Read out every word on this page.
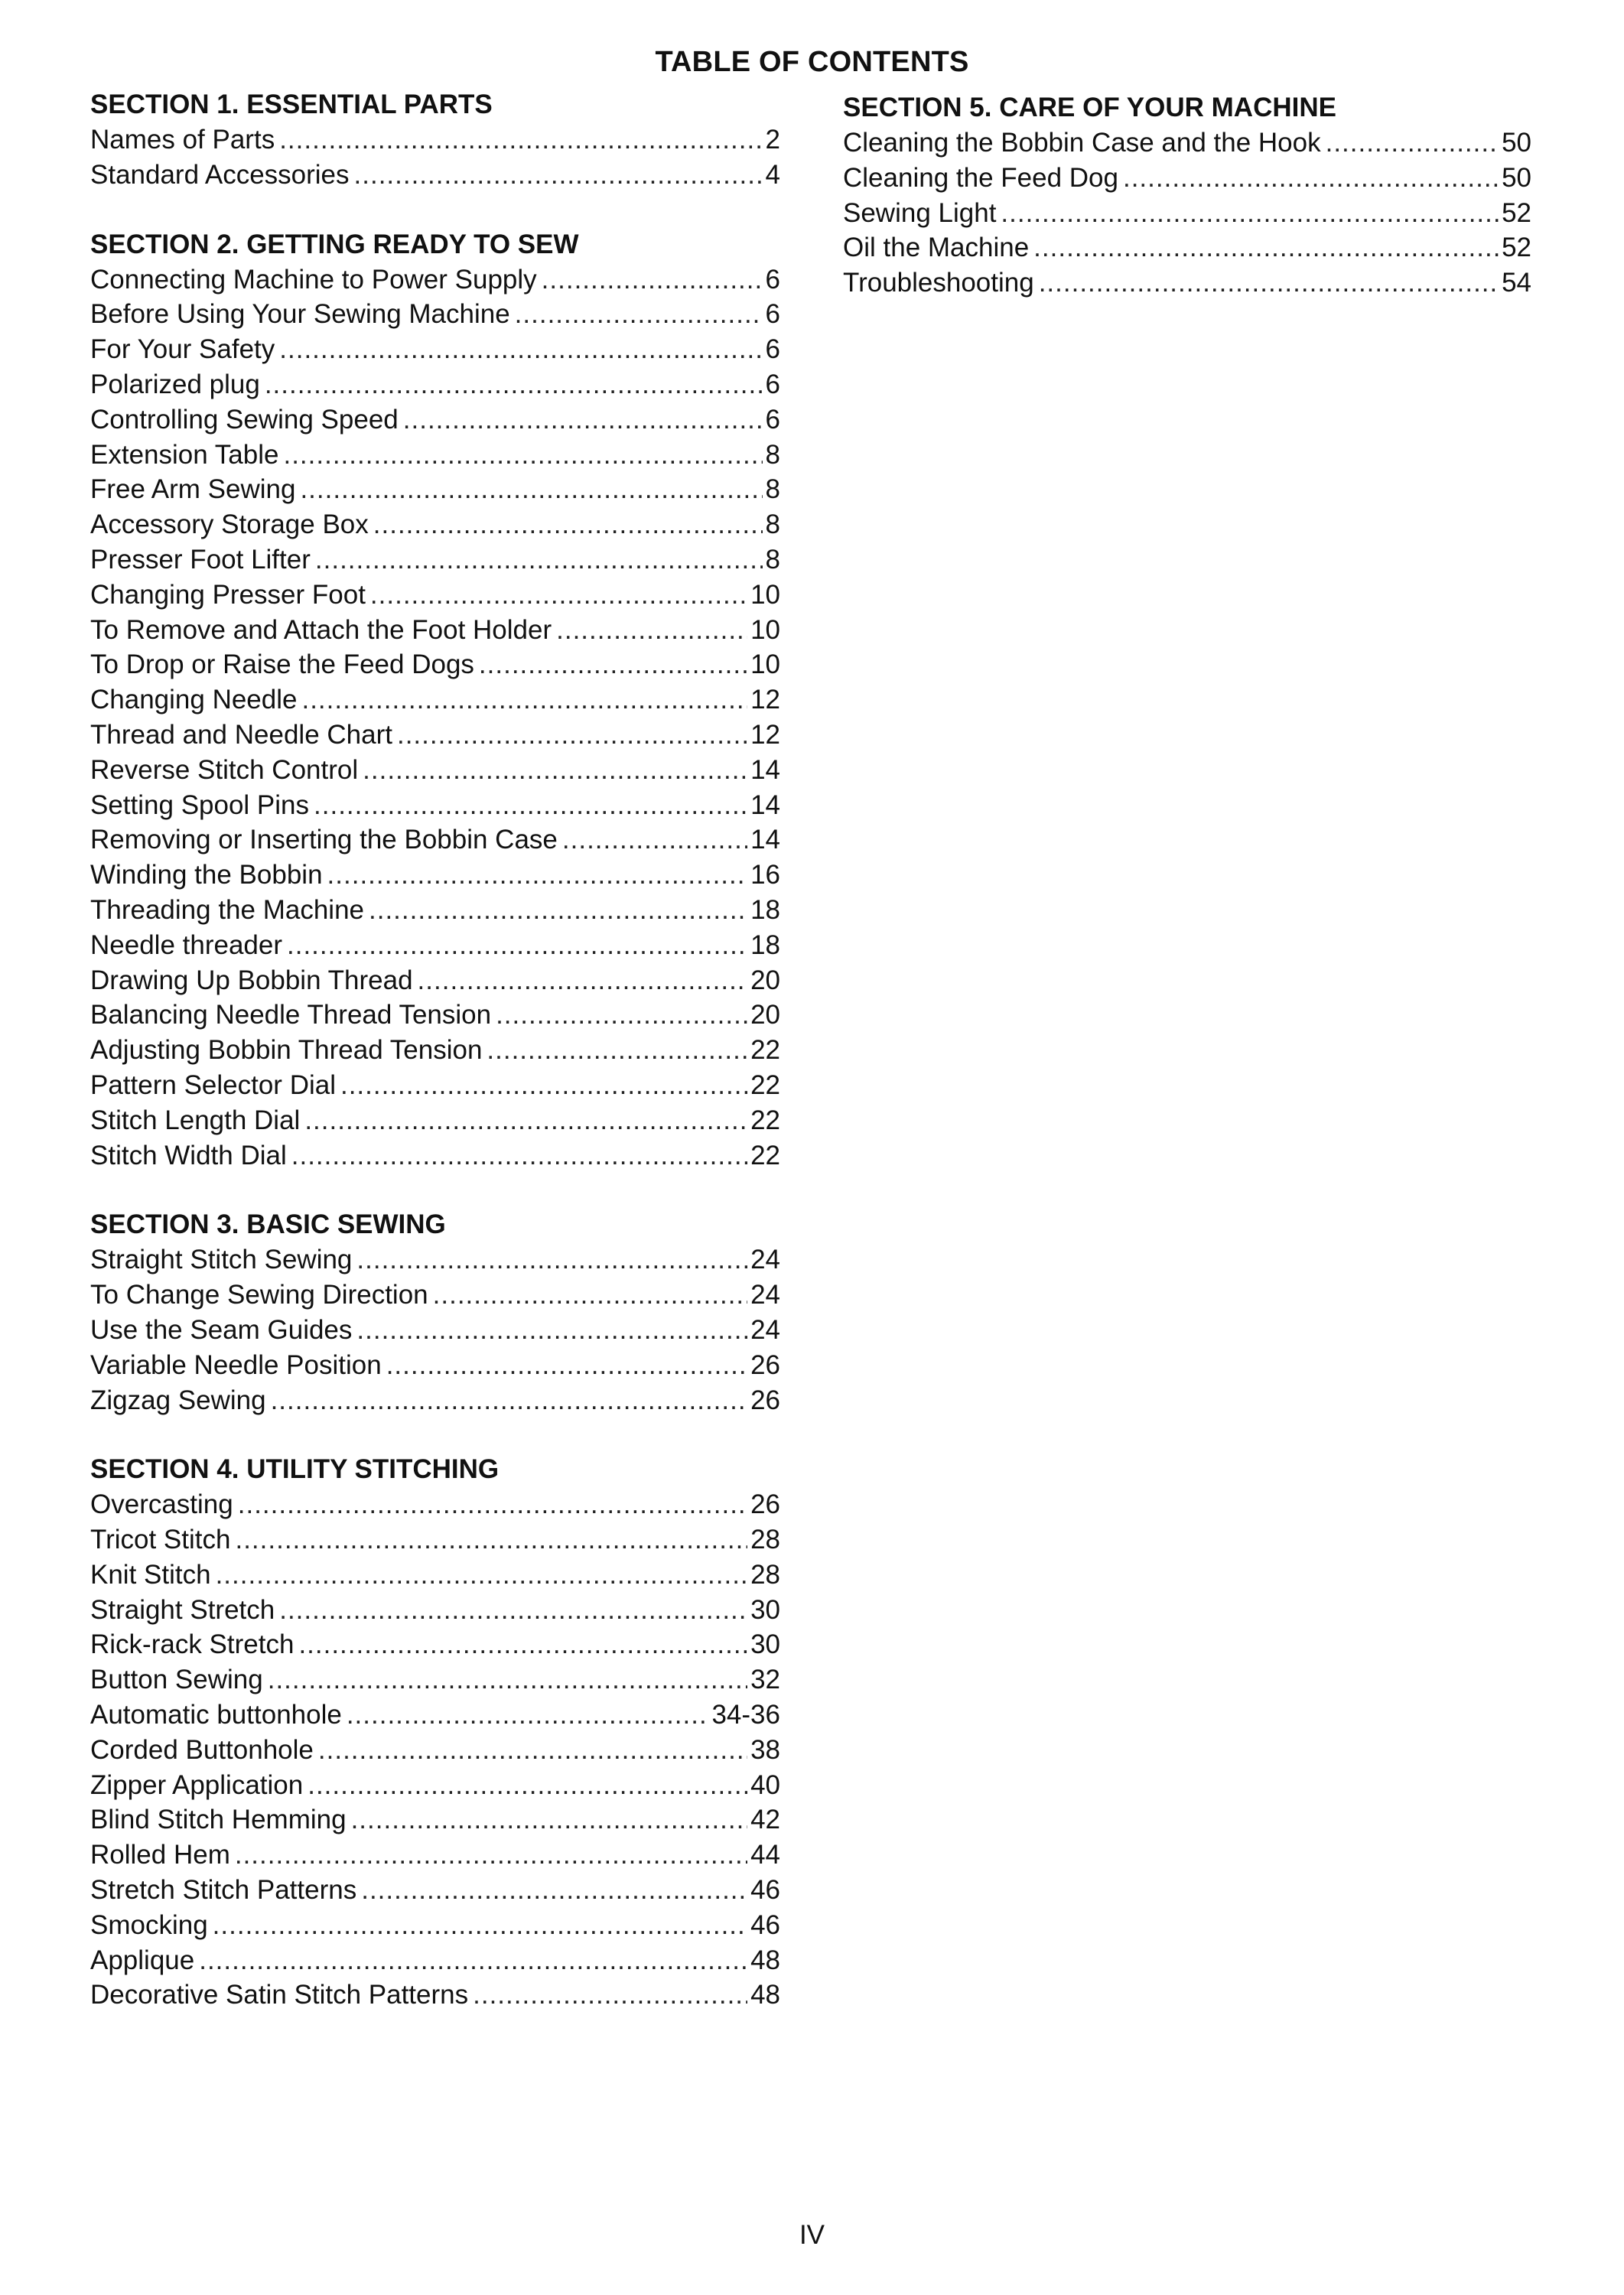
TABLE OF CONTENTS
SECTION 1. ESSENTIAL PARTS
Names of Parts .....	2
Standard Accessories .....	4
SECTION 2. GETTING READY TO SEW
Connecting Machine to Power Supply .....	6
Before Using Your Sewing Machine .....	6
For Your Safety .....	6
Polarized plug .....	6
Controlling Sewing Speed .....	6
Extension Table .....	8
Free Arm Sewing .....	8
Accessory Storage Box .....	8
Presser Foot Lifter .....	8
Changing Presser Foot .....	10
To Remove and Attach the Foot Holder .....	10
To Drop or Raise the Feed Dogs .....	10
Changing Needle .....	12
Thread and Needle Chart .....	12
Reverse Stitch Control .....	14
Setting Spool Pins .....	14
Removing or Inserting the Bobbin Case .....	14
Winding the Bobbin .....	16
Threading the Machine .....	18
Needle threader .....	18
Drawing Up Bobbin Thread .....	20
Balancing Needle Thread Tension .....	20
Adjusting Bobbin Thread Tension .....	22
Pattern Selector Dial .....	22
Stitch Length Dial .....	22
Stitch Width Dial .....	22
SECTION 3. BASIC SEWING
Straight Stitch Sewing .....	24
To Change Sewing Direction .....	24
Use the Seam Guides .....	24
Variable Needle Position .....	26
Zigzag Sewing .....	26
SECTION 4. UTILITY STITCHING
Overcasting .....	26
Tricot Stitch .....	28
Knit Stitch .....	28
Straight Stretch .....	30
Rick-rack Stretch .....	30
Button Sewing .....	32
Automatic buttonhole .....	34-36
Corded Buttonhole .....	38
Zipper Application .....	40
Blind Stitch Hemming .....	42
Rolled Hem .....	44
Stretch Stitch Patterns .....	46
Smocking .....	46
Applique .....	48
Decorative Satin Stitch Patterns .....	48
SECTION 5. CARE OF YOUR MACHINE
Cleaning the Bobbin Case and the Hook .....	50
Cleaning the Feed Dog .....	50
Sewing Light .....	52
Oil the Machine .....	52
Troubleshooting .....	54
IV
